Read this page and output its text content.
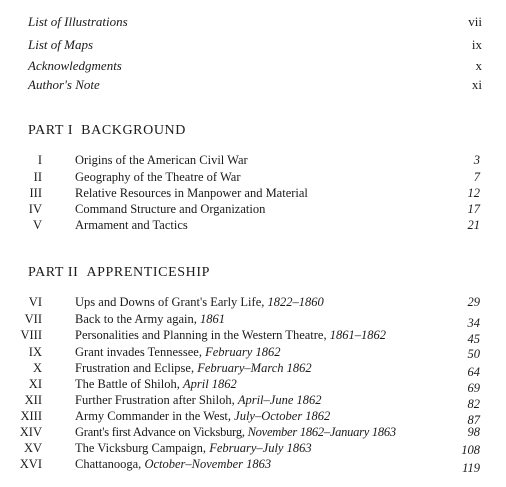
List of Illustrations	vii
List of Maps	ix
Acknowledgments	x
Author's Note	xi
PART I BACKGROUND
I	Origins of the American Civil War	3
II	Geography of the Theatre of War	7
III	Relative Resources in Manpower and Material	12
IV	Command Structure and Organization	17
V	Armament and Tactics	21
PART II APPRENTICESHIP
VI	Ups and Downs of Grant's Early Life, 1822–1860	29
VII	Back to the Army again, 1861	34
VIII	Personalities and Planning in the Western Theatre, 1861–1862	45
IX	Grant invades Tennessee, February 1862	50
X	Frustration and Eclipse, February–March 1862	64
XI	The Battle of Shiloh, April 1862	69
XII	Further Frustration after Shiloh, April–June 1862	82
XIII	Army Commander in the West, July–October 1862	87
XIV	Grant's first Advance on Vicksburg, November 1862–January 1863	98
XV	The Vicksburg Campaign, February–July 1863	108
XVI	Chattanooga, October–November 1863	119
